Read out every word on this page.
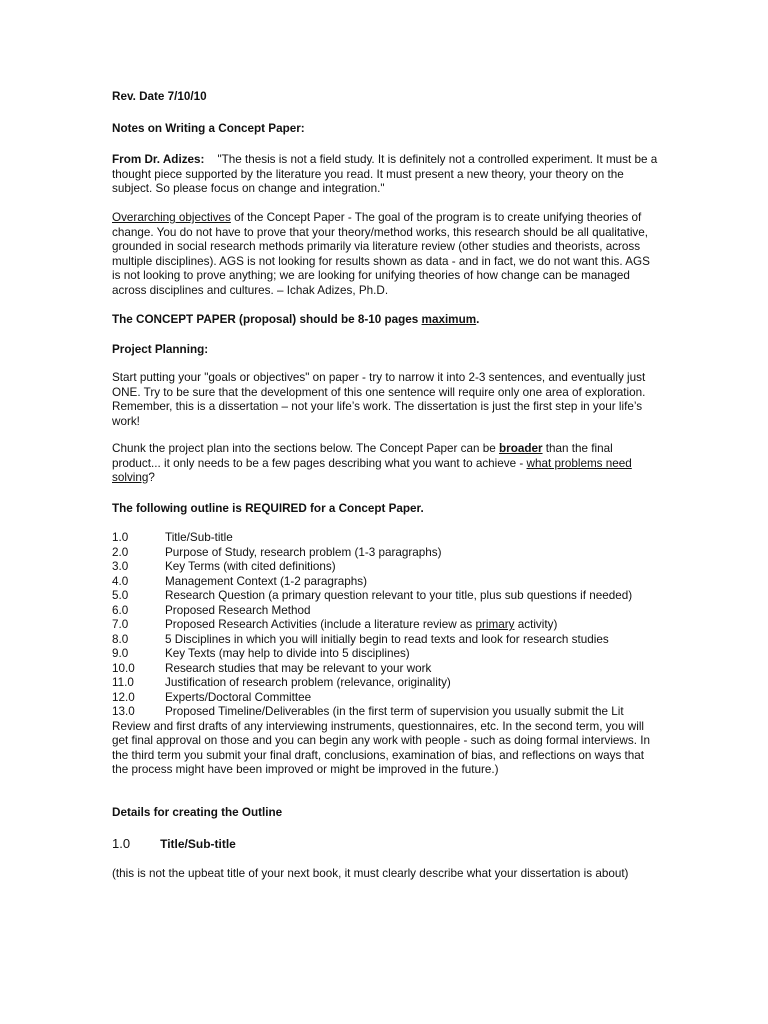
Rev. Date 7/10/10

Notes on Writing a Concept Paper:

From Dr. Adizes: "The thesis is not a field study. It is definitely not a controlled experiment. It must be a thought piece supported by the literature you read. It must present a new theory, your theory on the subject. So please focus on change and integration."

Overarching objectives of the Concept Paper - The goal of the program is to create unifying theories of change. You do not have to prove that your theory/method works, this research should be all qualitative, grounded in social research methods primarily via literature review (other studies and theorists, across multiple disciplines). AGS is not looking for results shown as data - and in fact, we do not want this. AGS is not looking to prove anything; we are looking for unifying theories of how change can be managed across disciplines and cultures. – Ichak Adizes, Ph.D.

The CONCEPT PAPER (proposal) should be 8-10 pages maximum.

Project Planning:

Start putting your "goals or objectives" on paper - try to narrow it into 2-3 sentences, and eventually just ONE. Try to be sure that the development of this one sentence will require only one area of exploration. Remember, this is a dissertation – not your life’s work. The dissertation is just the first step in your life’s work!

Chunk the project plan into the sections below. The Concept Paper can be broader than the final product... it only needs to be a few pages describing what you want to achieve - what problems need solving?

The following outline is REQUIRED for a Concept Paper.

1.0	Title/Sub-title
2.0	Purpose of Study, research problem (1-3 paragraphs)
3.0	Key Terms (with cited definitions)
4.0	Management Context (1-2 paragraphs)
5.0	Research Question (a primary question relevant to your title, plus sub questions if needed)
6.0	Proposed Research Method
7.0	Proposed Research Activities (include a literature review as primary activity)
8.0	5 Disciplines in which you will initially begin to read texts and look for research studies
9.0	Key Texts (may help to divide into 5 disciplines)
10.0	Research studies that may be relevant to your work
11.0	Justification of research problem (relevance, originality)
12.0	Experts/Doctoral Committee
13.0	Proposed Timeline/Deliverables (in the first term of supervision you usually submit the Lit Review and first drafts of any interviewing instruments, questionnaires, etc. In the second term, you will get final approval on those and you can begin any work with people - such as doing formal interviews. In the third term you submit your final draft, conclusions, examination of bias, and reflections on ways that the process might have been improved or might be improved in the future.)

Details for creating the Outline

1.0	Title/Sub-title

(this is not the upbeat title of your next book, it must clearly describe what your dissertation is about)
